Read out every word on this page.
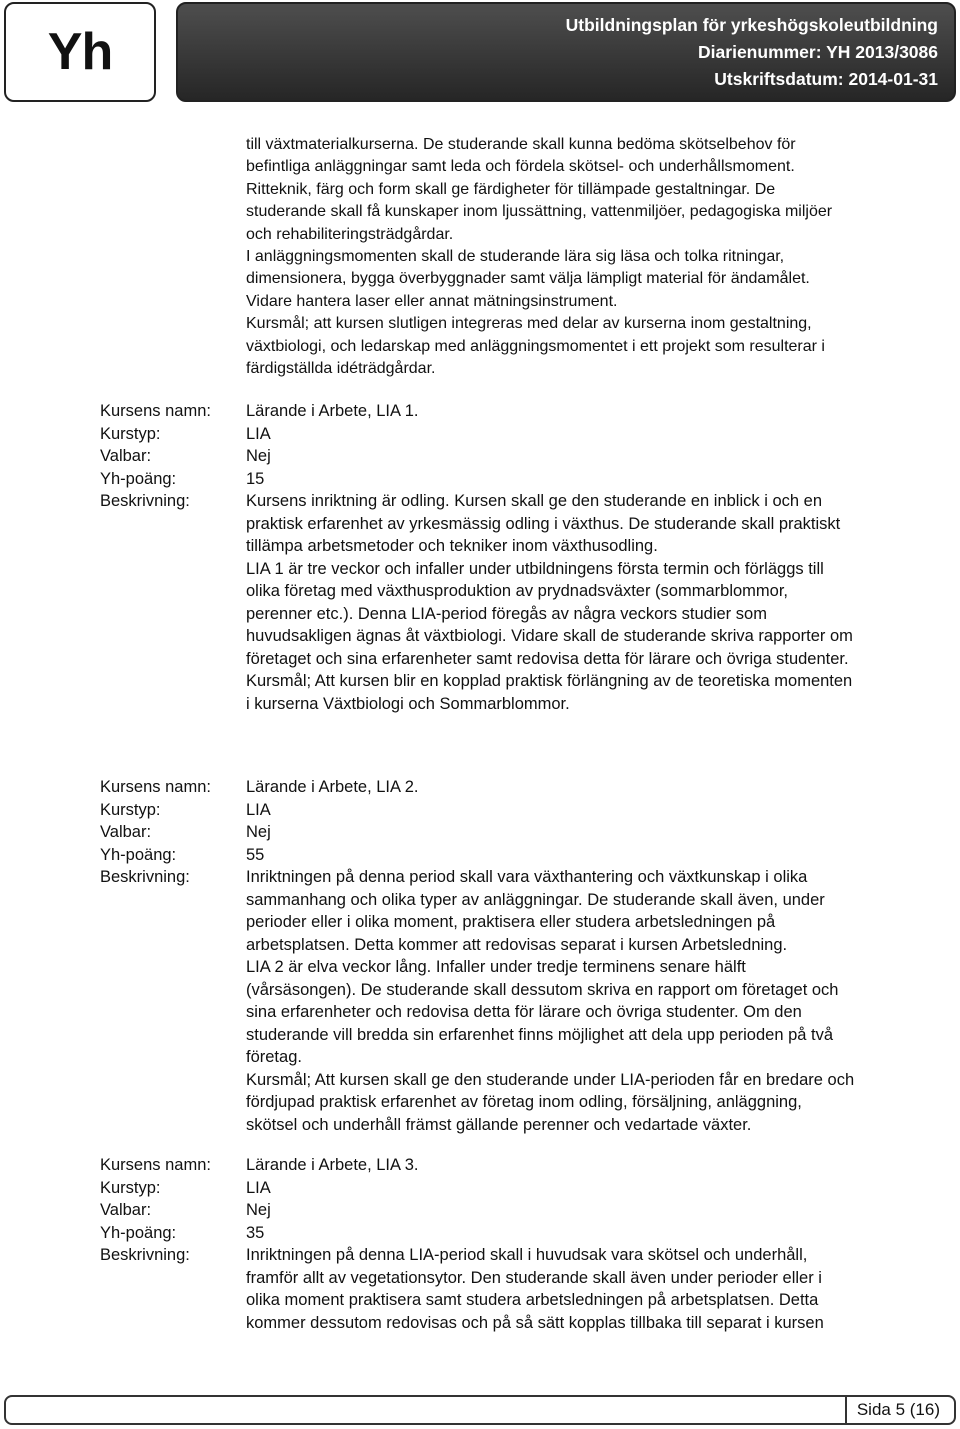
Yh	Utbildningsplan för yrkeshögskoleutbildning
Diarienummer: YH 2013/3086
Utskriftsdatum: 2014-01-31

till växtmaterialkurserna. De studerande skall kunna bedöma skötselbehov för

befintliga anläggningar samt leda och fördela skötsel- och underhållsmoment.

Ritteknik, färg och form skall ge färdigheter för tillämpade gestaltningar. De

studerande skall få kunskaper inom ljussättning, vattenmiljöer, pedagogiska miljöer

och rehabiliteringsträdgårdar.

I anläggningsmomenten skall de studerande lära sig läsa och tolka ritningar,

dimensionera, bygga överbyggnader samt välja lämpligt material för ändamålet.

Vidare hantera laser eller annat mätningsinstrument.

Kursmål; att kursen slutligen integreras med delar av kurserna inom gestaltning,

växtbiologi, och ledarskap med anläggningsmomentet i ett projekt som resulterar i

färdigställda idéträdgårdar.

Kursens namn:	Lärande i Arbete, LIA 1.
Kurstyp:	LIA
Valbar:	Nej
Yh-poäng:	15
Beskrivning:	Kursens inriktning är odling. Kursen skall ge den studerande en inblick i och en

praktisk erfarenhet av yrkesmässig odling i växthus. De studerande skall praktiskt

tillämpa arbetsmetoder och tekniker inom växthusodling.

LIA 1 är tre veckor och infaller under utbildningens första termin och förläggs till

olika företag med växthusproduktion av prydnadsväxter (sommarblommor,

perenner etc.). Denna LIA-period föregås av några veckors studier som

huvudsakligen ägnas åt växtbiologi. Vidare skall de studerande skriva rapporter om

företaget och sina erfarenheter samt redovisa detta för lärare och övriga studenter.

Kursmål; Att kursen blir en kopplad praktisk förlängning av de teoretiska momenten

i kurserna Växtbiologi och Sommarblommor.

Kursens namn:	Lärande i Arbete, LIA 2.
Kurstyp:	LIA
Valbar:	Nej
Yh-poäng:	55
Beskrivning:	Inriktningen på denna period skall vara växthantering och växtkunskap i olika

sammanhang och olika typer av anläggningar. De studerande skall även, under

perioder eller i olika moment, praktisera eller studera arbetsledningen på

arbetsplatsen. Detta kommer att redovisas separat i kursen Arbetsledning.

LIA 2 är elva veckor lång. Infaller under tredje terminens senare hälft

(vårsäsongen). De studerande skall dessutom skriva en rapport om företaget och

sina erfarenheter och redovisa detta för lärare och övriga studenter. Om den

studerande vill bredda sin erfarenhet finns möjlighet att dela upp perioden på två

företag.

Kursmål; Att kursen skall ge den studerande under LIA-perioden får en bredare och

fördjupad praktisk erfarenhet av företag inom odling, försäljning, anläggning,

skötsel och underhåll främst gällande perenner och vedartade växter.

Kursens namn:	Lärande i Arbete, LIA 3.
Kurstyp:	LIA
Valbar:	Nej
Yh-poäng:	35
Beskrivning:	Inriktningen på denna LIA-period skall i huvudsak vara skötsel och underhåll,

framför allt av vegetationsytor. Den studerande skall även under perioder eller i

olika moment praktisera samt studera arbetsledningen på arbetsplatsen. Detta

kommer dessutom redovisas och på så sätt kopplas tillbaka till separat i kursen

Sida 5 (16)
